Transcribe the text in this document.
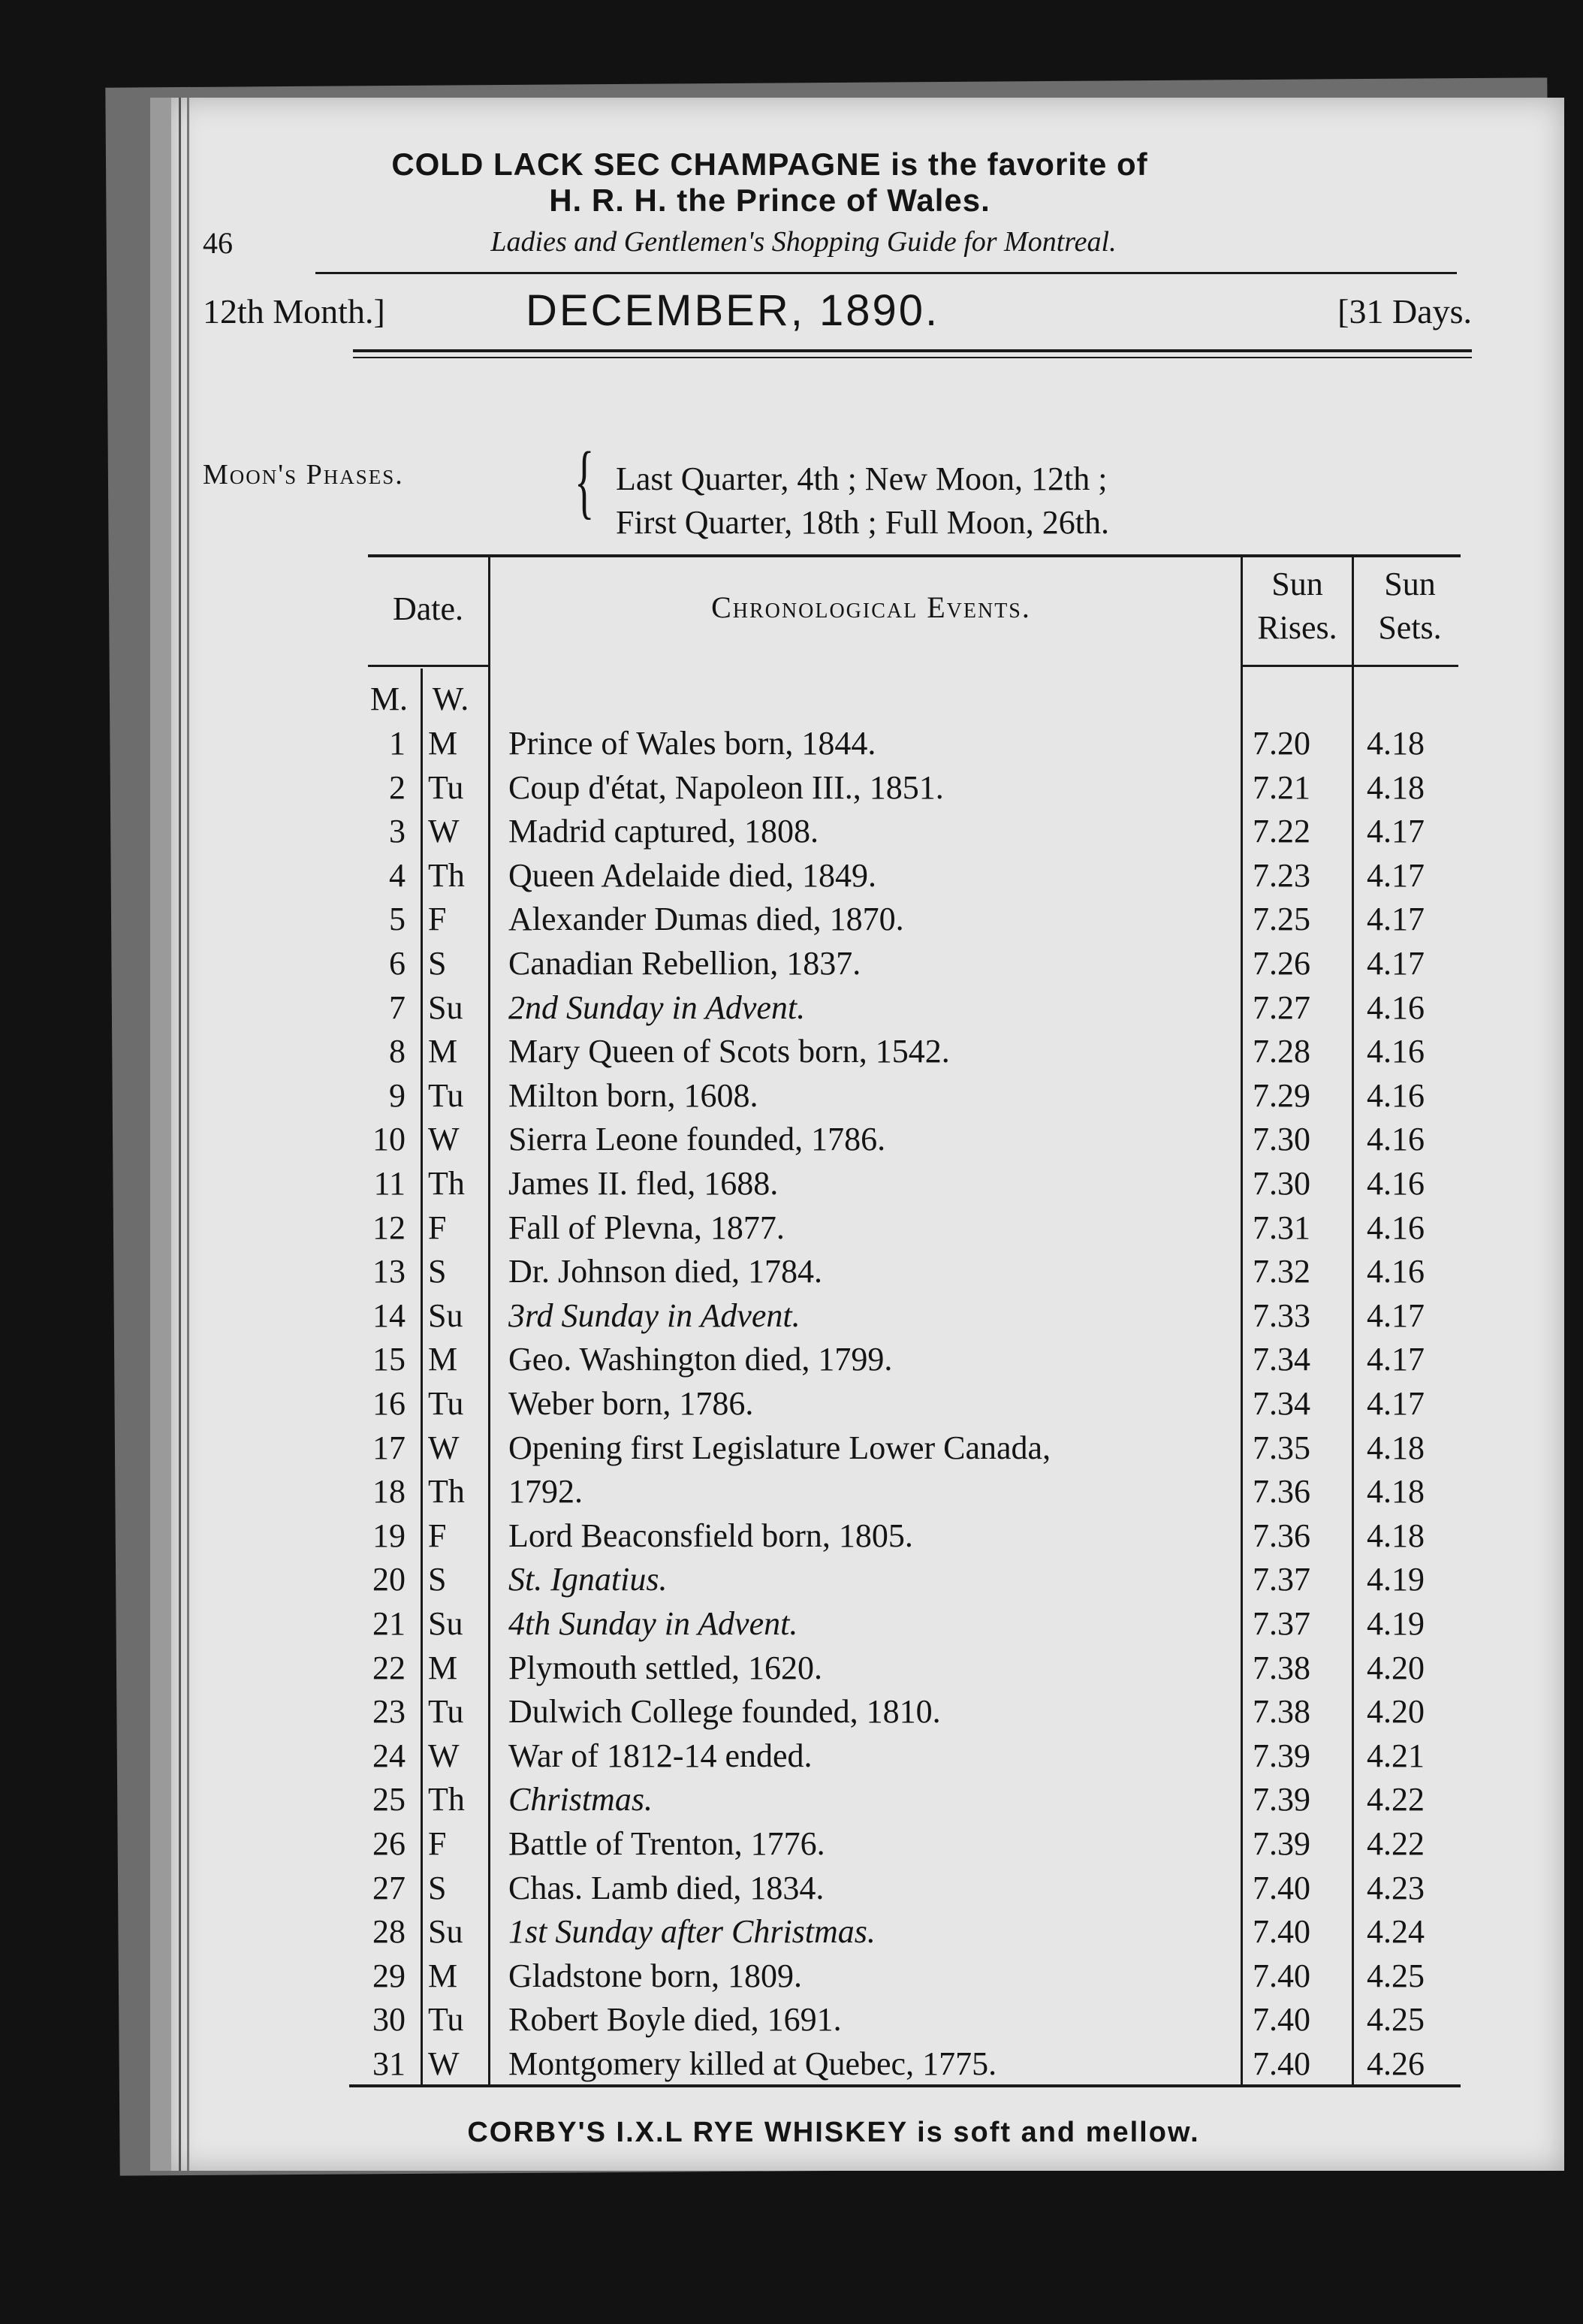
COLD LACK SEC CHAMPAGNE is the favorite of
H. R. H. the Prince of Wales.
46	Ladies and Gentlemen's Shopping Guide for Montreal.
12th Month.]	DECEMBER, 1890.	[31 Days.
Moon's Phases. { Last Quarter, 4th ; New Moon, 12th ;
First Quarter, 18th ; Full Moon, 26th.
Date.	Chronological Events.
Sun
Rises.
Sun
Sets.
M. W.
1 M Prince of Wales born, 1844.	7.20 4.18
2 Tu Coup d'état, Napoleon III., 1851.	7.21 4.18
3 W Madrid captured, 1808.	7.22 4.17
4 Th Queen Adelaide died, 1849.	7.23 4.17
5 F Alexander Dumas died, 1870.	7.25 4.17
6 S Canadian Rebellion, 1837.	7.26 4.17
7 Su 2nd Sunday in Advent.	7.27 4.16
8 M Mary Queen of Scots born, 1542.	7.28 4.16
9 Tu Milton born, 1608.	7.29 4.16
10 W Sierra Leone founded, 1786.	7.30 4.16
11 Th James II. fled, 1688.	7.30 4.16
12 F Fall of Plevna, 1877.	7.31 4.16
13 S Dr. Johnson died, 1784.	7.32 4.16
14 Su 3rd Sunday in Advent.	7.33 4.17
15 M Geo. Washington died, 1799.	7.34 4.17
16 Tu Weber born, 1786.	7.34 4.17
17 W Opening first Legislature Lower Canada,	7.35 4.18
18 Th 1792.	7.36 4.18
19 F Lord Beaconsfield born, 1805.	7.36 4.18
20 S St. Ignatius.	7.37 4.19
21 Su 4th Sunday in Advent.	7.37 4.19
22 M Plymouth settled, 1620.	7.38 4.20
23 Tu Dulwich College founded, 1810.	7.38 4.20
24 W War of 1812-14 ended.	7.39 4.21
25 Th Christmas.	7.39 4.22
26 F Battle of Trenton, 1776.	7.39 4.22
27 S Chas. Lamb died, 1834.	7.40 4.23
28 Su 1st Sunday after Christmas.	7.40 4.24
29 M Gladstone born, 1809.	7.40 4.25
30 Tu Robert Boyle died, 1691.	7.40 4.25
31 W Montgomery killed at Quebec, 1775.	7.40 4.26
CORBY'S I.X.L RYE WHISKEY is soft and mellow.
